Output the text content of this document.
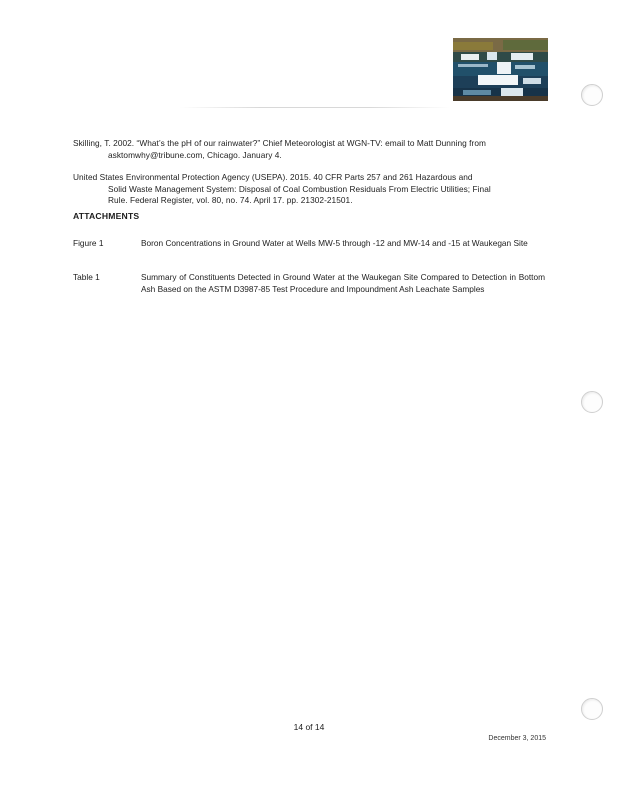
Skilling, T. 2002. “What’s the pH of our rainwater?” Chief Meteorologist at WGN-TV: email to Matt Dunning from
asktomwhy@tribune.com, Chicago. January 4.
United States Environmental Protection Agency (USEPA). 2015. 40 CFR Parts 257 and 261 Hazardous and
Solid Waste Management System: Disposal of Coal Combustion Residuals From Electric Utilities; Final
Rule. Federal Register, vol. 80, no. 74. April 17. pp. 21302-21501.
ATTACHMENTS
Figure 1	Boron Concentrations in Ground Water at Wells MW-5 through -12 and MW-14 and -15 at Waukegan Site
Table 1	Summary of Constituents Detected in Ground Water at the Waukegan Site Compared to Detection in Bottom Ash Based on the ASTM D3987-85 Test Procedure and Impoundment Ash Leachate Samples
14 of 14
December 3, 2015
